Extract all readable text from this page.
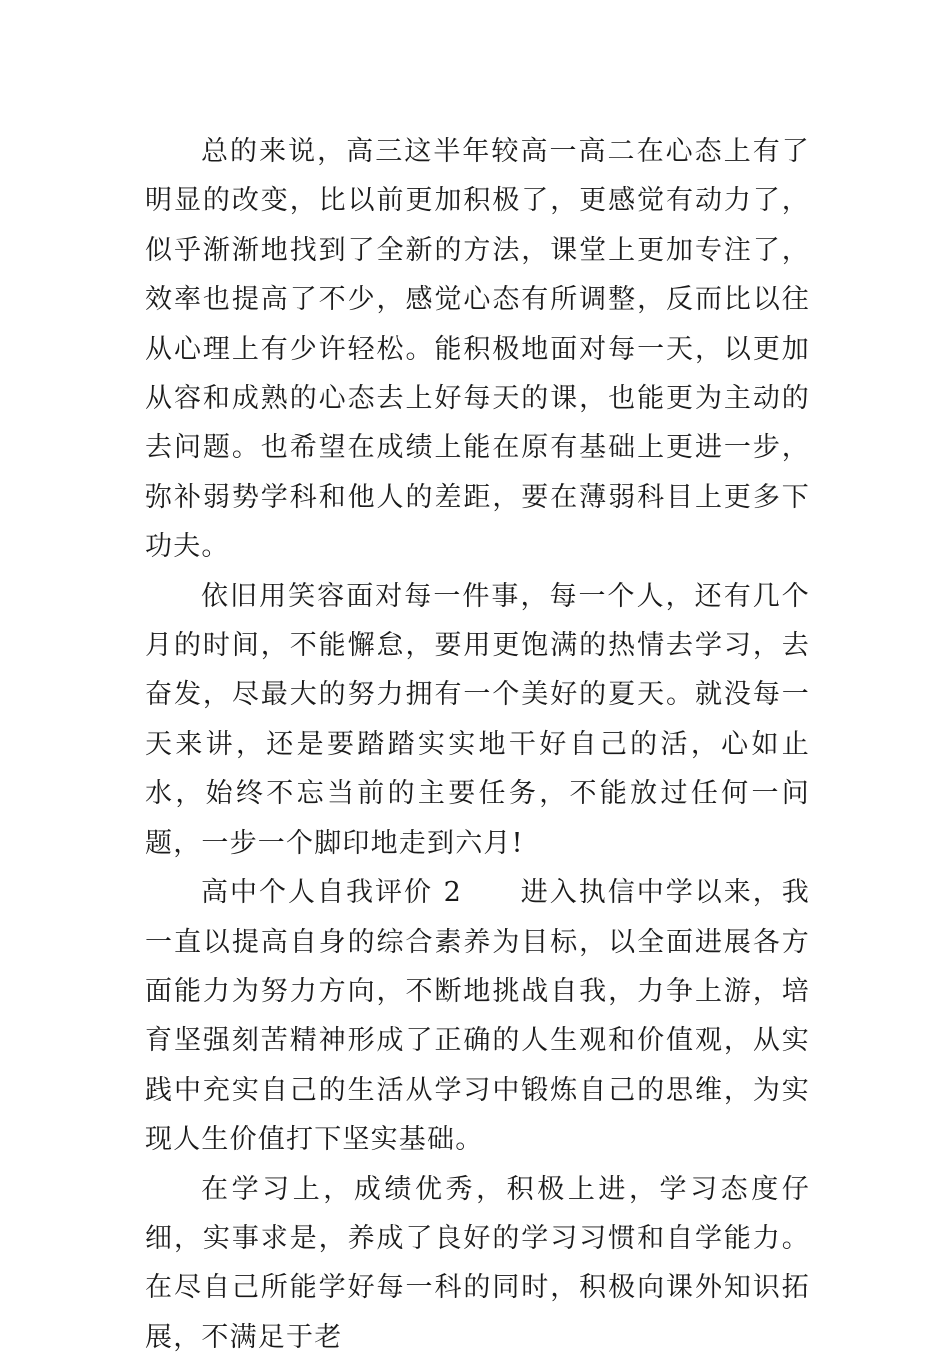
总的来说，高三这半年较高一高二在心态上有了明显的改变，比以前更加积极了，更感觉有动力了，似乎渐渐地找到了全新的方法，课堂上更加专注了，效率也提高了不少，感觉心态有所调整，反而比以往从心理上有少许轻松。能积极地面对每一天，以更加从容和成熟的心态去上好每天的课，也能更为主动的去问题。也希望在成绩上能在原有基础上更进一步，弥补弱势学科和他人的差距，要在薄弱科目上更多下功夫。

依旧用笑容面对每一件事，每一个人，还有几个月的时间，不能懈怠，要用更饱满的热情去学习，去奋发，尽最大的努力拥有一个美好的夏天。就没每一天来讲，还是要踏踏实实地干好自己的活，心如止水，始终不忘当前的主要任务，不能放过任何一问题，一步一个脚印地走到六月!

高中个人自我评价 2　　进入执信中学以来，我一直以提高自身的综合素养为目标，以全面进展各方面能力为努力方向，不断地挑战自我，力争上游，培育坚强刻苦精神形成了正确的人生观和价值观，从实践中充实自己的生活从学习中锻炼自己的思维，为实现人生价值打下坚实基础。

在学习上，成绩优秀，积极上进，学习态度仔细，实事求是，养成了良好的学习习惯和自学能力。在尽自己所能学好每一科的同时，积极向课外知识拓展，不满足于老
